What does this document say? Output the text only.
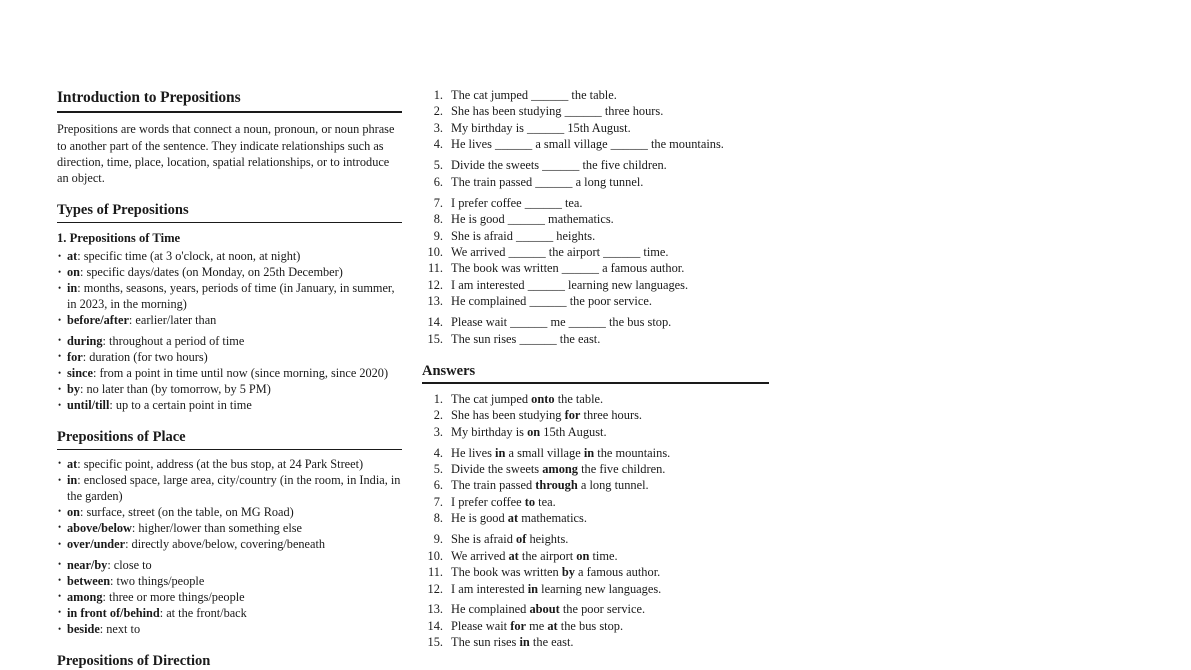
Introduction to Prepositions

Prepositions are words that connect a noun, pronoun, or noun phrase to another part of the sentence. They indicate relationships such as direction, time, place, location, spatial relationships, or to introduce an object.

Types of Prepositions
1. Prepositions of Time
• at: specific time (at 3 o'clock, at noon, at night)
• on: specific days/dates (on Monday, on 25th December)
• in: months, seasons, years, periods of time (in January, in summer, in 2023, in the morning)
• before/after: earlier/later than
• during: throughout a period of time
• for: duration (for two hours)
• since: from a point in time until now (since morning, since 2020)
• by: no later than (by tomorrow, by 5 PM)
• until/till: up to a certain point in time
Prepositions of Place
• at: specific point, address (at the bus stop, at 24 Park Street)
• in: enclosed space, large area, city/country (in the room, in India, in the garden)
• on: surface, street (on the table, on MG Road)
• above/below: higher/lower than something else
• over/under: directly above/below, covering/beneath
• near/by: close to
• between: two things/people
• among: three or more things/people
• in front of/behind: at the front/back
• beside: next to
Prepositions of Direction
The cat jumped ______ the table.
She has been studying ______ three hours.
My birthday is ______ 15th August.
He lives ______ a small village ______ the mountains.
Divide the sweets ______ the five children.
The train passed ______ a long tunnel.
I prefer coffee ______ tea.
He is good ______ mathematics.
She is afraid ______ heights.
We arrived ______ the airport ______ time.
The book was written ______ a famous author.
I am interested ______ learning new languages.
He complained ______ the poor service.
Please wait ______ me ______ the bus stop.
The sun rises ______ the east.
Answers
The cat jumped onto the table.
She has been studying for three hours.
My birthday is on 15th August.
He lives in a small village in the mountains.
Divide the sweets among the five children.
The train passed through a long tunnel.
I prefer coffee to tea.
He is good at mathematics.
She is afraid of heights.
We arrived at the airport on time.
The book was written by a famous author.
I am interested in learning new languages.
He complained about the poor service.
Please wait for me at the bus stop.
The sun rises in the east.
